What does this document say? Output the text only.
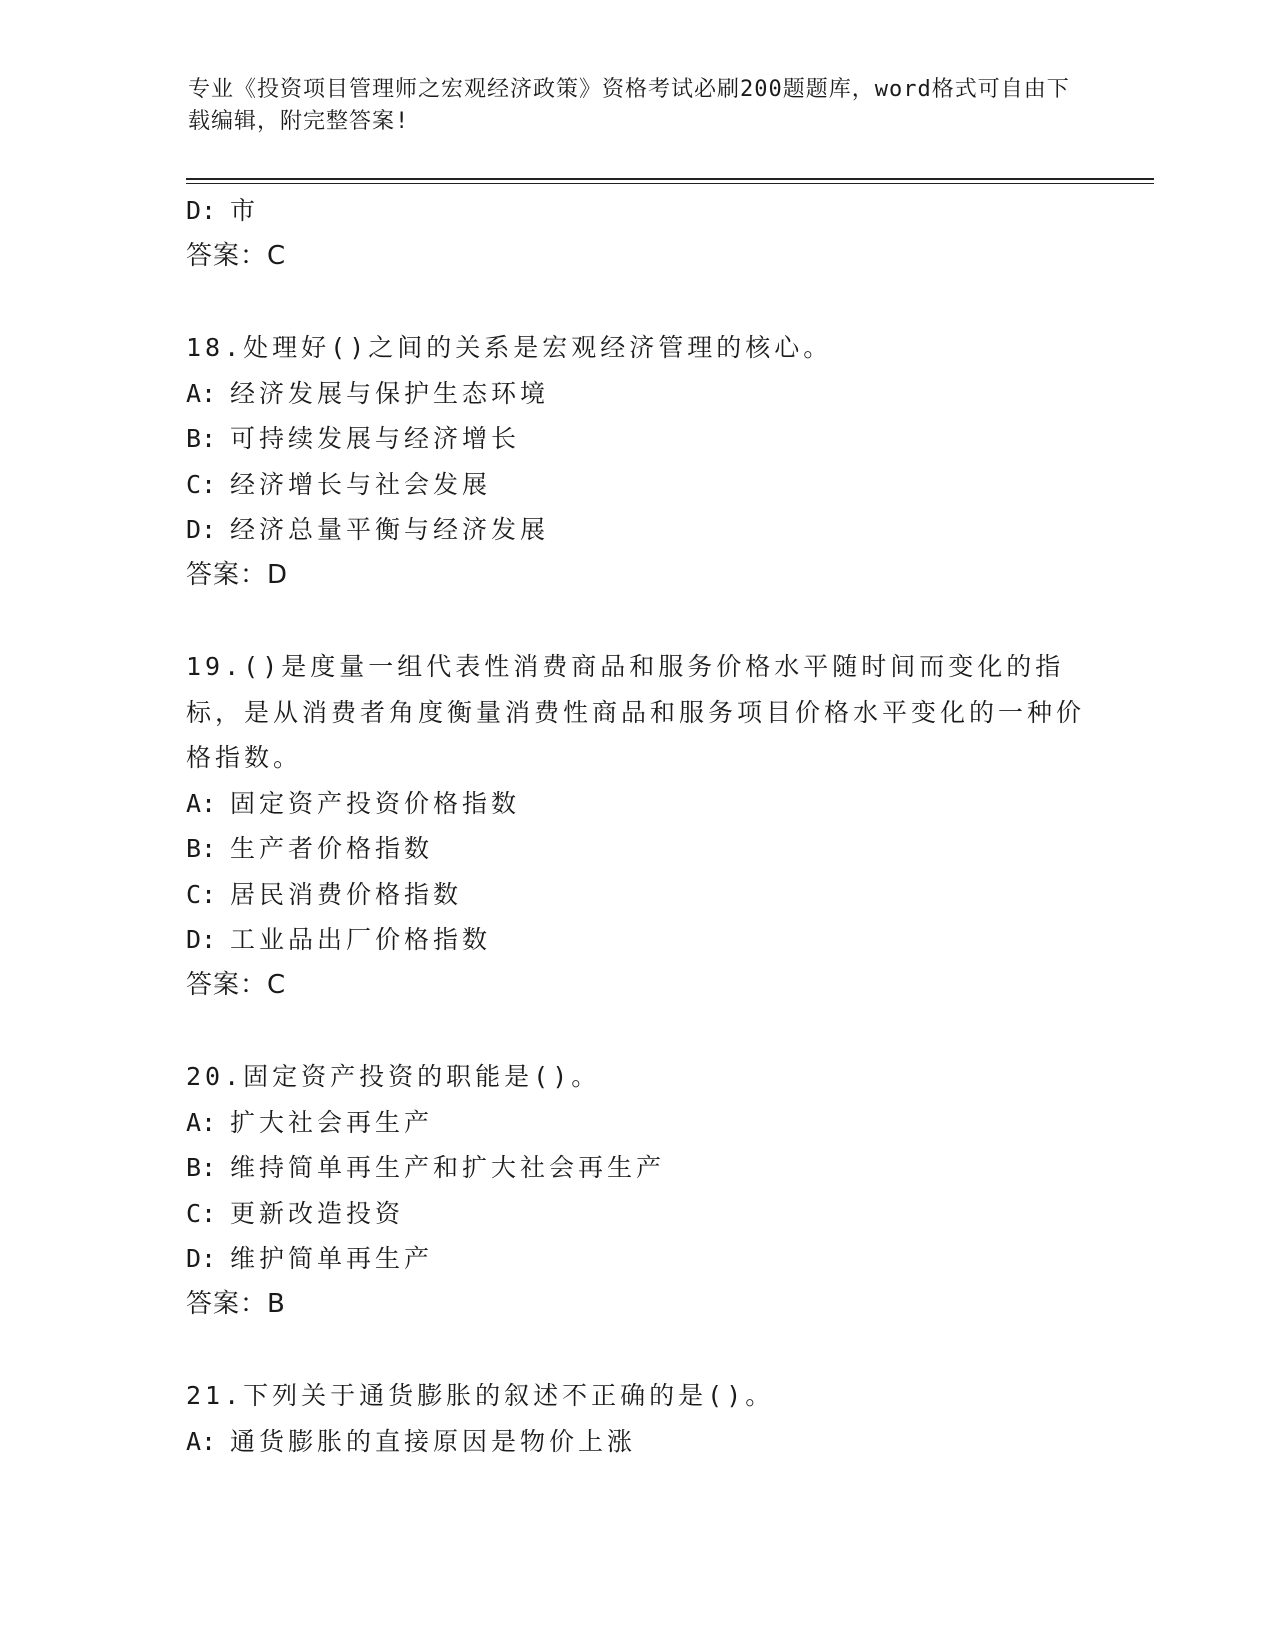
专业《投资项目管理师之宏观经济政策》资格考试必刷200题题库，word格式可自由下载编辑，附完整答案!
D: 市
答案：C
18.处理好()之间的关系是宏观经济管理的核心。
A: 经济发展与保护生态环境
B: 可持续发展与经济增长
C: 经济增长与社会发展
D: 经济总量平衡与经济发展
答案：D
19.()是度量一组代表性消费商品和服务价格水平随时间而变化的指标，是从消费者角度衡量消费性商品和服务项目价格水平变化的一种价格指数。
A: 固定资产投资价格指数
B: 生产者价格指数
C: 居民消费价格指数
D: 工业品出厂价格指数
答案：C
20.固定资产投资的职能是()。
A: 扩大社会再生产
B: 维持简单再生产和扩大社会再生产
C: 更新改造投资
D: 维护简单再生产
答案：B
21.下列关于通货膨胀的叙述不正确的是()。
A: 通货膨胀的直接原因是物价上涨
